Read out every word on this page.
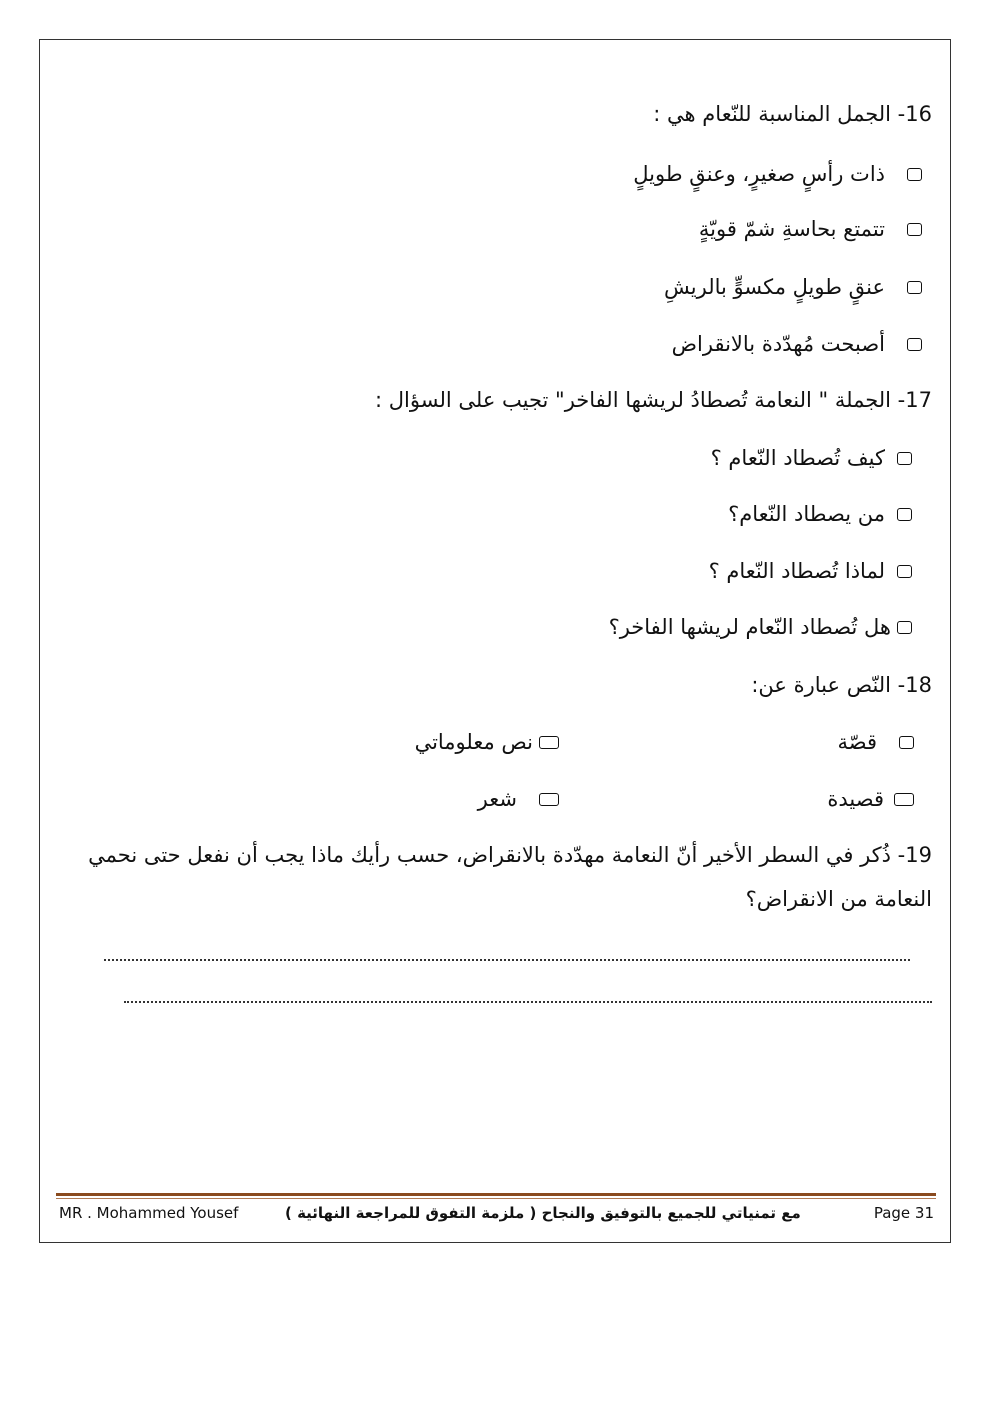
16- الجمل المناسبة للنّعام هي :
ذات رأسٍ صغيرٍ، وعنقٍ طويلٍ
تتمتع بحاسةِ شمّ قويّةٍ
عنقٍ طويلٍ مكسوٍّ بالريشِ
أصبحت مُهدّدة بالانقراض
17- الجملة " النعامة تُصطادُ لريشها الفاخر" تجيب على السؤال :
كيف تُصطاد النّعام ؟
من يصطاد النّعام؟
لماذا تُصطاد النّعام ؟
هل تُصطاد النّعام لريشها الفاخر؟
18- النّص عبارة عن:
قصّة
نص معلوماتي
قصيدة
شعر
19- ذُكر في السطر الأخير أنّ النعامة مهدّدة بالانقراض، حسب رأيك ماذا يجب أن نفعل حتى نحمي
النعامة من الانقراض؟
MR . Mohammed Yousef	مع تمنياتي للجميع بالتوفيق والنجاح ( ملزمة التفوق للمراجعة النهائية )	Page 31
